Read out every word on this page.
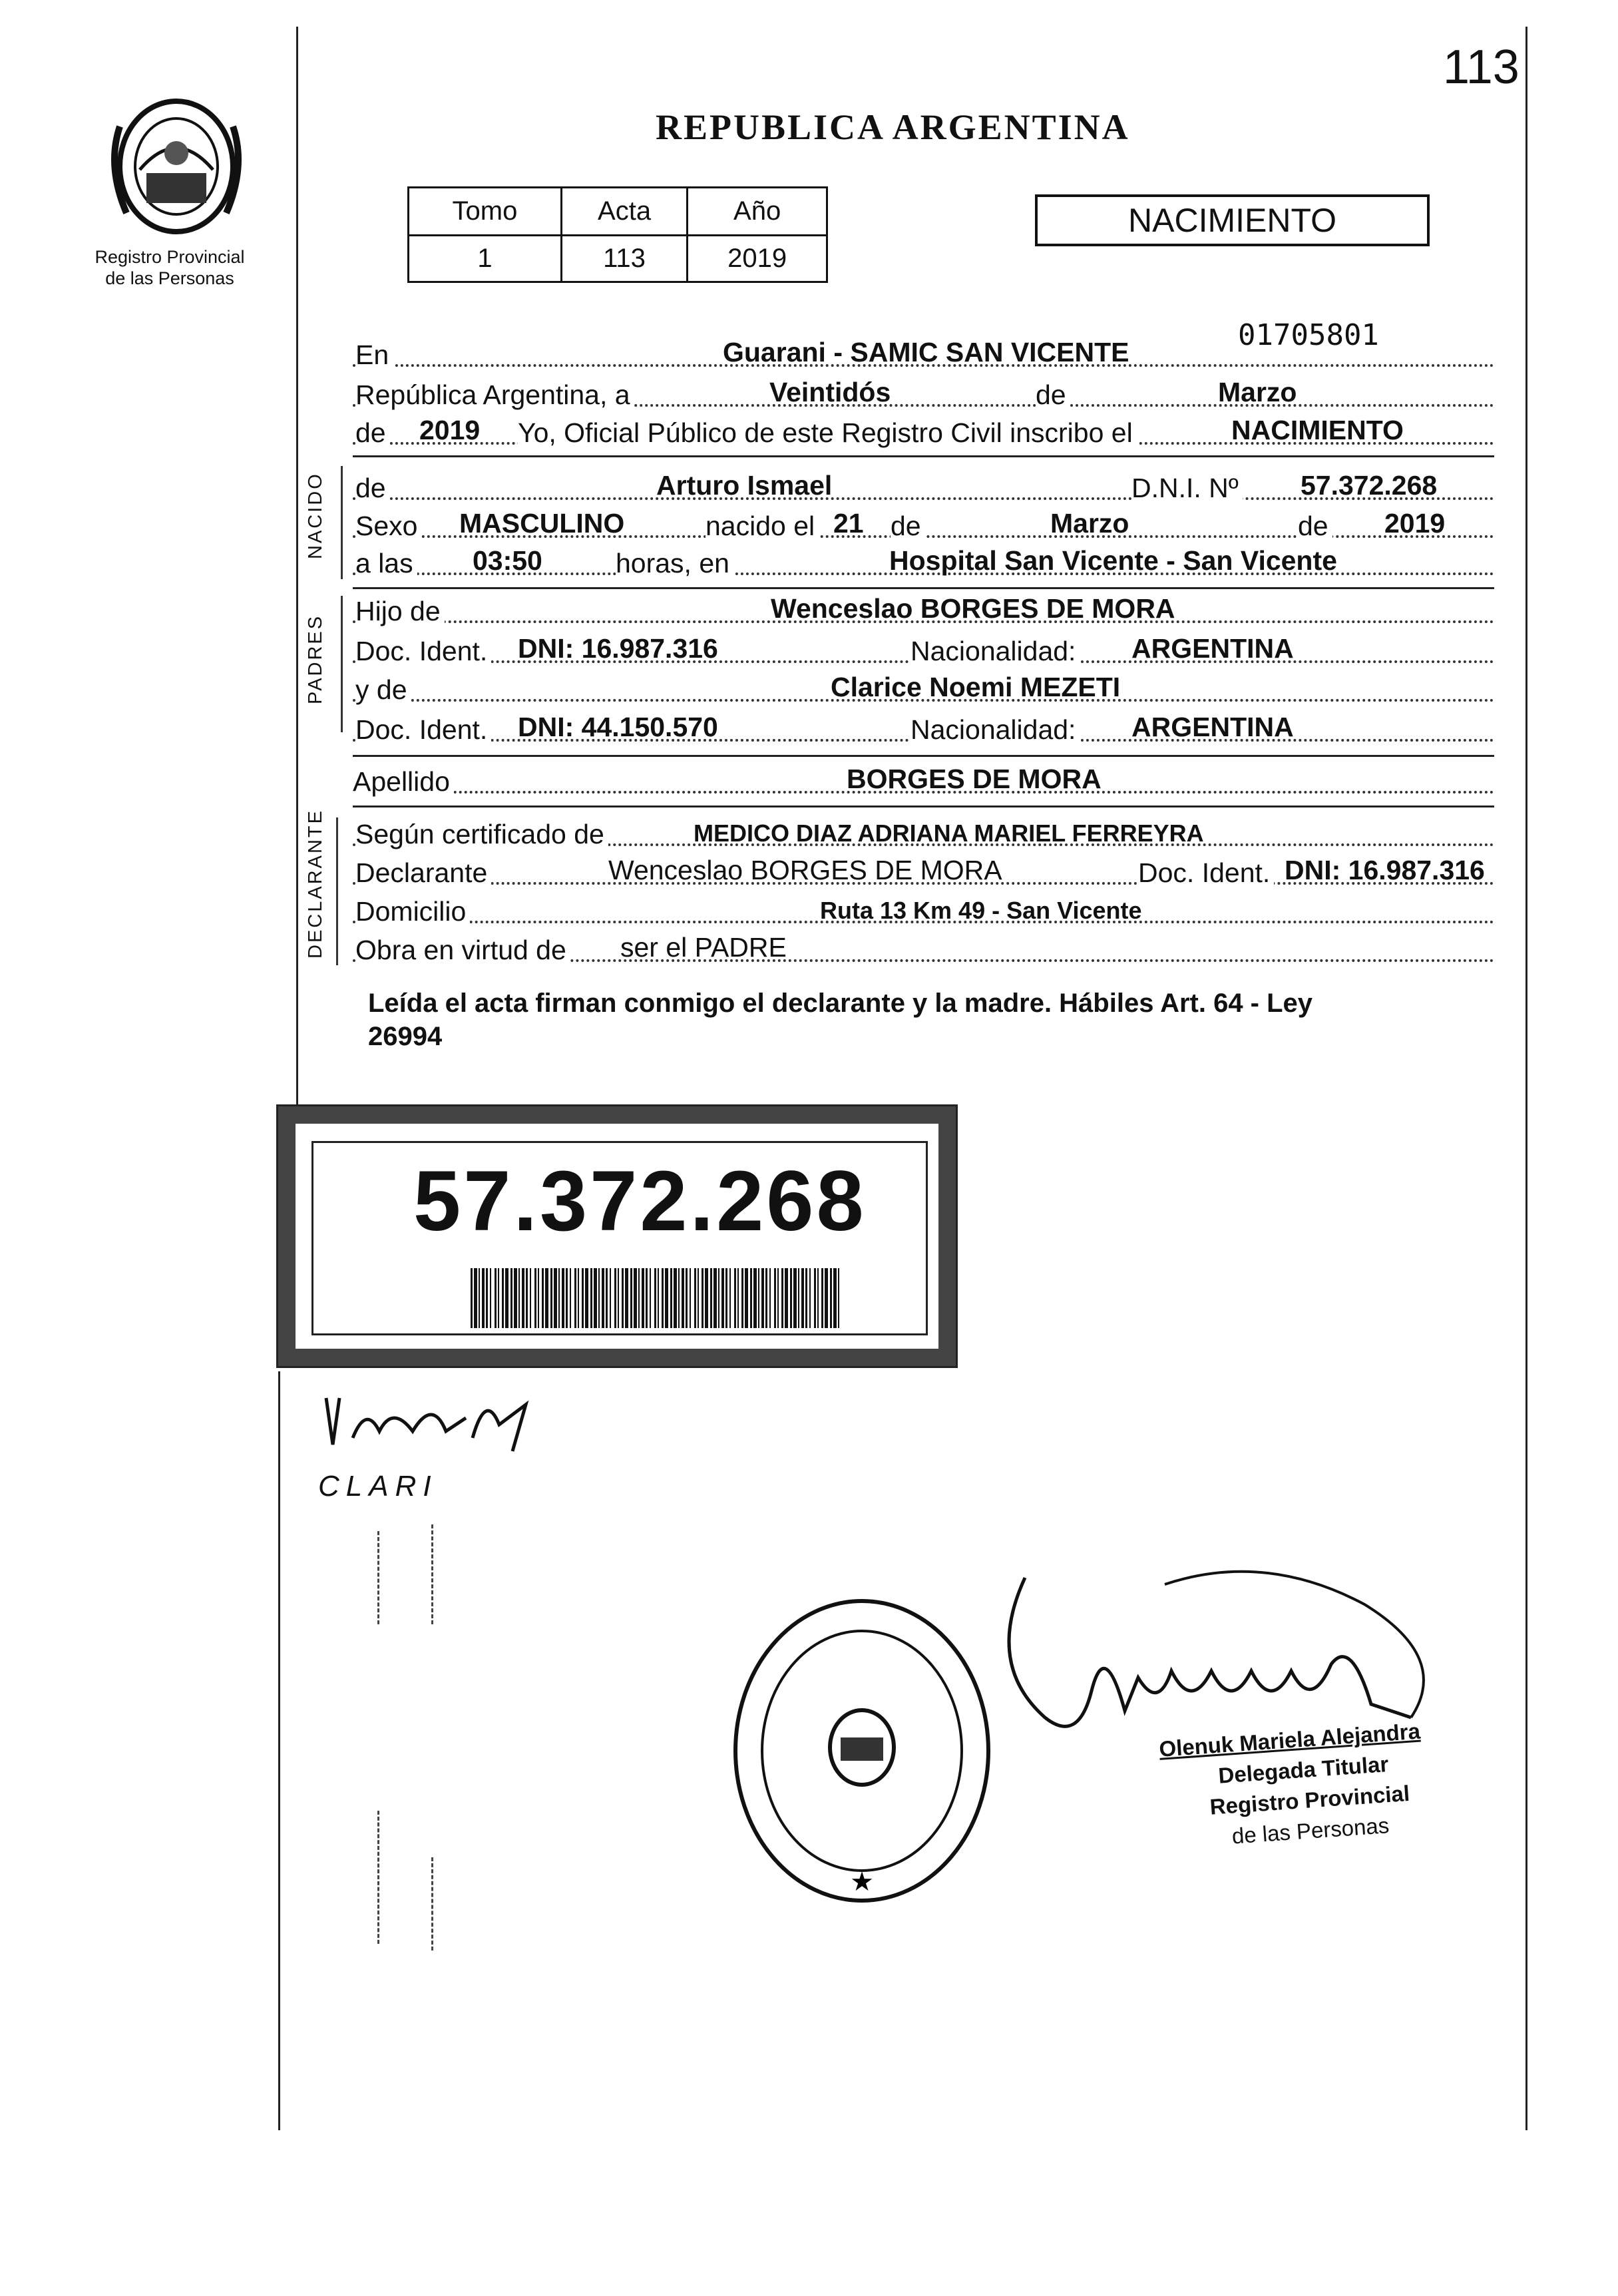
113
Registro Provincial
de las Personas
REPUBLICA ARGENTINA
Tomo	Acta	Año
1	113	2019
NACIMIENTO
01705801
En	Guarani - SAMIC SAN VICENTE
República Argentina, a	Veintidós	de	Marzo
de 2019 Yo, Oficial Público de este Registro Civil inscribo el	NACIMIENTO
NACIDO de	Arturo Ismael	D.N.I. Nº 57.372.268
Sexo MASCULINO	nacido el 21 de	Marzo	de 2019
a las 03:50	horas, en	Hospital San Vicente - San Vicente
PADRES
Hijo de	Wenceslao BORGES DE MORA
Doc. Ident. DNI: 16.987.316	Nacionalidad: ARGENTINA
y de	Clarice Noemi MEZETI
Doc. Ident. DNI: 44.150.570	Nacionalidad: ARGENTINA
Apellido	BORGES DE MORA
DECLARANTE Según certificado de	MEDICO DIAZ ADRIANA MARIEL FERREYRA
Declarante	Wenceslao BORGES DE MORA	Doc. Ident. DNI: 16.987.316
Domicilio	Ruta 13 Km 49 - San Vicente
Obra en virtud de ser el PADRE
Leída el acta firman conmigo el declarante y la madre. Hábiles Art. 64 - Ley
26994
57.372.268
CLARI
★
Olenuk Mariela Alejandra
Delegada Titular
Registro Provincial
de las Personas
